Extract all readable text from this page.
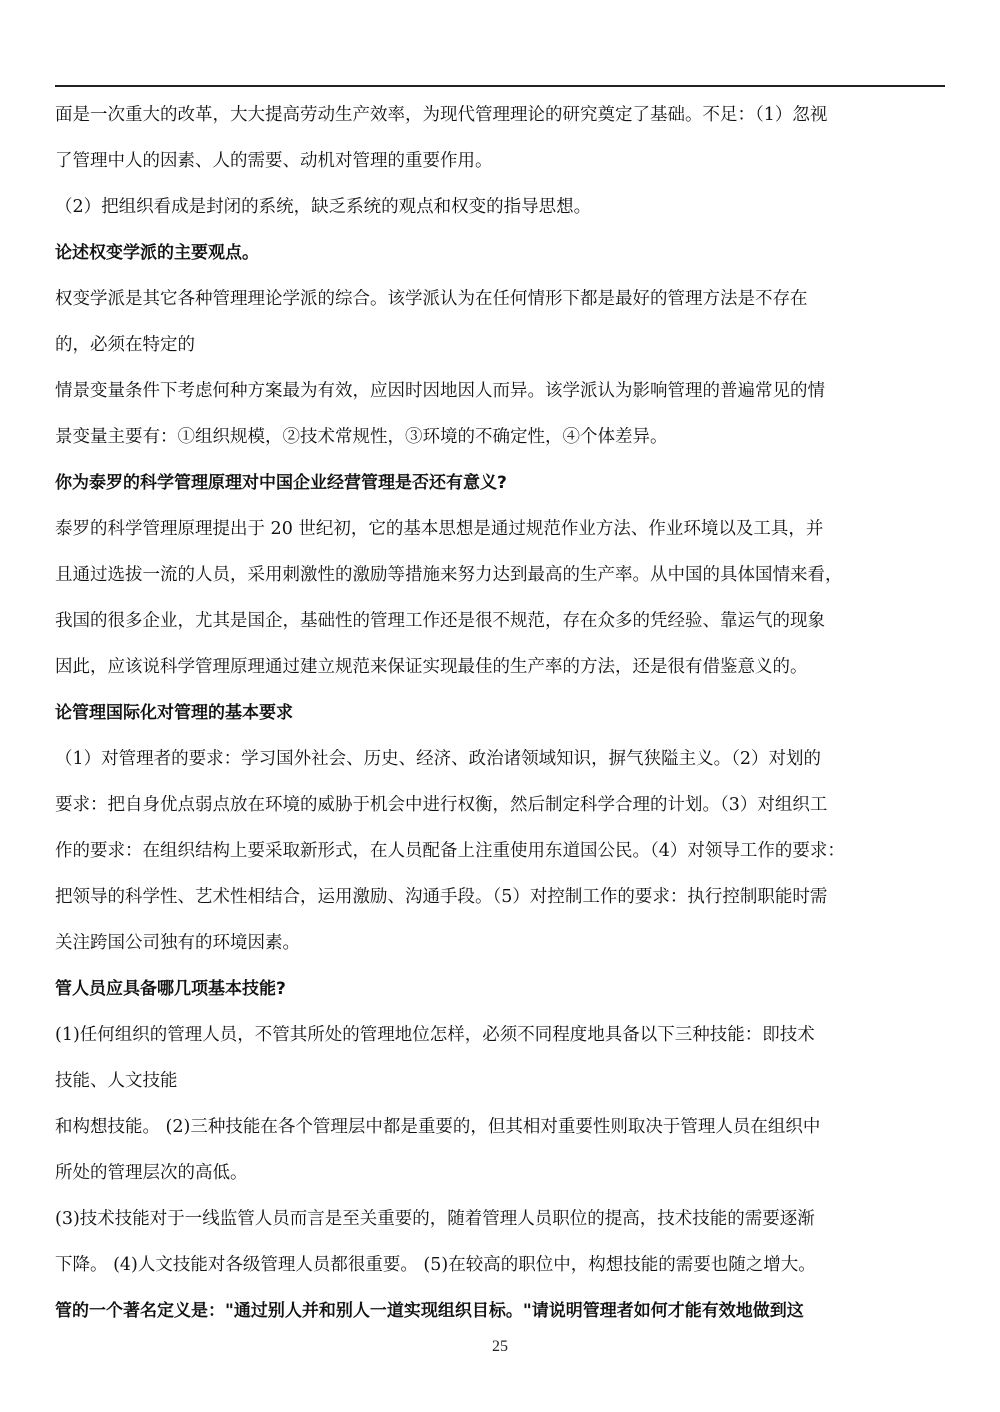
面是一次重大的改革，大大提高劳动生产效率，为现代管理理论的研究奠定了基础。不足：（1）忽视
了管理中人的因素、人的需要、动机对管理的重要作用。
（2）把组织看成是封闭的系统，缺乏系统的观点和权变的指导思想。
论述权变学派的主要观点。
权变学派是其它各种管理理论学派的综合。该学派认为在任何情形下都是最好的管理方法是不存在
的，必须在特定的
情景变量条件下考虑何种方案最为有效，应因时因地因人而异。该学派认为影响管理的普遍常见的情
景变量主要有：①组织规模，②技术常规性，③环境的不确定性，④个体差异。
你为泰罗的科学管理原理对中国企业经营管理是否还有意义?
泰罗的科学管理原理提出于 20 世纪初，它的基本思想是通过规范作业方法、作业环境以及工具，并
且通过选拔一流的人员，采用刺激性的激励等措施来努力达到最高的生产率。从中国的具体国情来看，
我国的很多企业，尤其是国企，基础性的管理工作还是很不规范，存在众多的凭经验、靠运气的现象
因此，应该说科学管理原理通过建立规范来保证实现最佳的生产率的方法，还是很有借鉴意义的。
论管理国际化对管理的基本要求
（1）对管理者的要求：学习国外社会、历史、经济、政治诸领域知识，摒气狭隘主义。（2）对划的
要求：把自身优点弱点放在环境的威胁于机会中进行权衡，然后制定科学合理的计划。（3）对组织工
作的要求：在组织结构上要采取新形式，在人员配备上注重使用东道国公民。（4）对领导工作的要求：
把领导的科学性、艺术性相结合，运用激励、沟通手段。（5）对控制工作的要求：执行控制职能时需
关注跨国公司独有的环境因素。
管人员应具备哪几项基本技能?
(1)任何组织的管理人员，不管其所处的管理地位怎样，必须不同程度地具备以下三种技能：即技术
技能、人文技能
和构想技能。 (2)三种技能在各个管理层中都是重要的，但其相对重要性则取决于管理人员在组织中
所处的管理层次的高低。
(3)技术技能对于一线监管人员而言是至关重要的，随着管理人员职位的提高，技术技能的需要逐渐
下降。 (4)人文技能对各级管理人员都很重要。 (5)在较高的职位中，构想技能的需要也随之增大。
管的一个著名定义是："通过别人并和别人一道实现组织目标。"请说明管理者如何才能有效地做到这
25
